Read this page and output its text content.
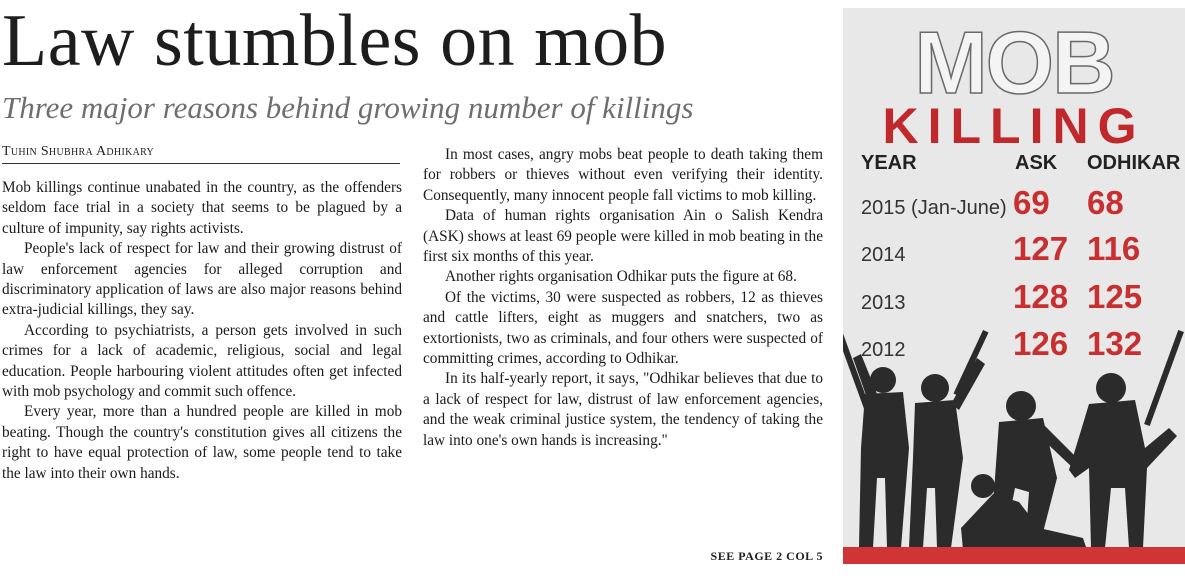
Law stumbles on mob
Three major reasons behind growing number of killings
Tuhin Shubhra Adhikary

Mob killings continue unabated in the country, as the offenders seldom face trial in a society that seems to be plagued by a culture of impunity, say rights activists.

People's lack of respect for law and their growing distrust of law enforcement agencies for alleged corruption and discriminatory application of laws are also major reasons behind extra-judicial killings, they say.

According to psychiatrists, a person gets involved in such crimes for a lack of academic, religious, social and legal education. People harbouring violent attitudes often get infected with mob psychology and commit such offence.

Every year, more than a hundred people are killed in mob beating. Though the country's constitution gives all citizens the right to have equal protection of law, some people tend to take the law into their own hands.

In most cases, angry mobs beat people to death taking them for robbers or thieves without even verifying their identity. Consequently, many innocent people fall victims to mob killing.

Data of human rights organisation Ain o Salish Kendra (ASK) shows at least 69 people were killed in mob beating in the first six months of this year.

Another rights organisation Odhikar puts the figure at 68.

Of the victims, 30 were suspected as robbers, 12 as thieves and cattle lifters, eight as muggers and snatchers, two as extortionists, two as criminals, and four others were suspected of committing crimes, according to Odhikar.

In its half-yearly report, it says, "Odhikar believes that due to a lack of respect for law, distrust of law enforcement agencies, and the weak criminal justice system, the tendency of taking the law into one's own hands is increasing."

SEE PAGE 2 COL 5
MOB
KILLING
YEAR	ASK ODHIKAR
2015 (Jan-June) 69 68
2014	127 116
2013	128 125
2012	126 132
